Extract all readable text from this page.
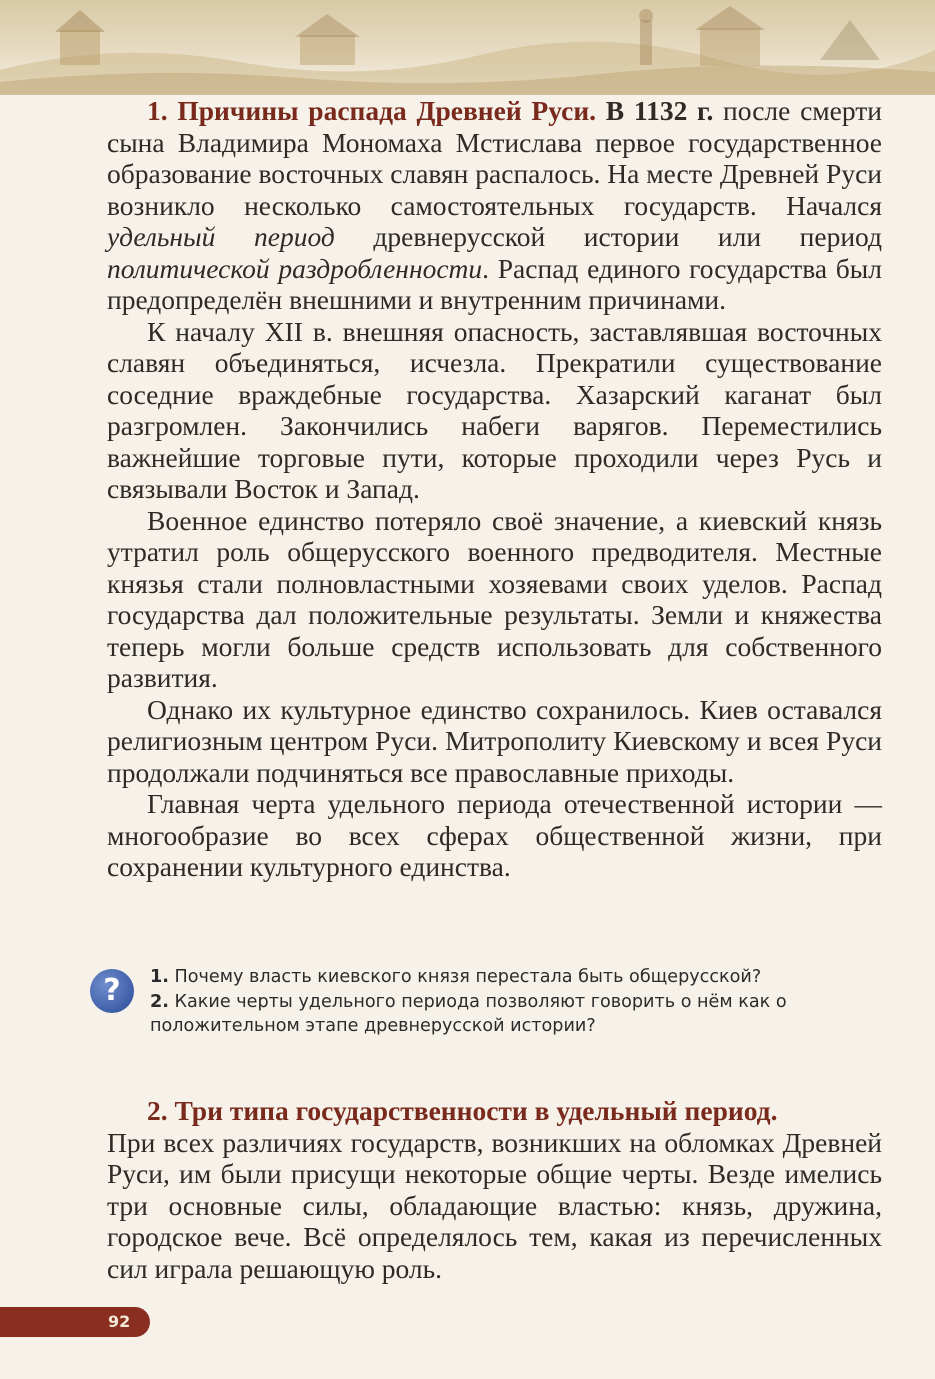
1. Причины распада Древней Руси. В 1132 г. после смерти сына Владимира Мономаха Мстислава первое государственное образование восточных славян распалось. На месте Древней Руси возникло несколько самостоятельных государств. Начался удельный период древнерусской истории или период политической раздробленности. Распад единого государства был предопределён внешними и внутренним причинами.

К началу XII в. внешняя опасность, заставлявшая восточных славян объединяться, исчезла. Прекратили существование соседние враждебные государства. Хазарский каганат был разгромлен. Закончились набеги варягов. Переместились важнейшие торговые пути, которые проходили через Русь и связывали Восток и Запад.

Военное единство потеряло своё значение, а киевский князь утратил роль общерусского военного предводителя. Местные князья стали полновластными хозяевами своих уделов. Распад государства дал положительные результаты. Земли и княжества теперь могли больше средств использовать для собственного развития.

Однако их культурное единство сохранилось. Киев оставался религиозным центром Руси. Митрополиту Киевскому и всея Руси продолжали подчиняться все православные приходы.

Главная черта удельного периода отечественной истории — многообразие во всех сферах общественной жизни, при сохранении культурного единства.

?	1. Почему власть киевского князя перестала быть общерусской?
2. Какие черты удельного периода позволяют говорить о нём как о положительном этапе древнерусской истории?

2. Три типа государственности в удельный период.
При всех различиях государств, возникших на обломках Древней Руси, им были присущи некоторые общие черты. Везде имелись три основные силы, обладающие властью: князь, дружина, городское вече. Всё определялось тем, какая из перечисленных сил играла решающую роль.

92
